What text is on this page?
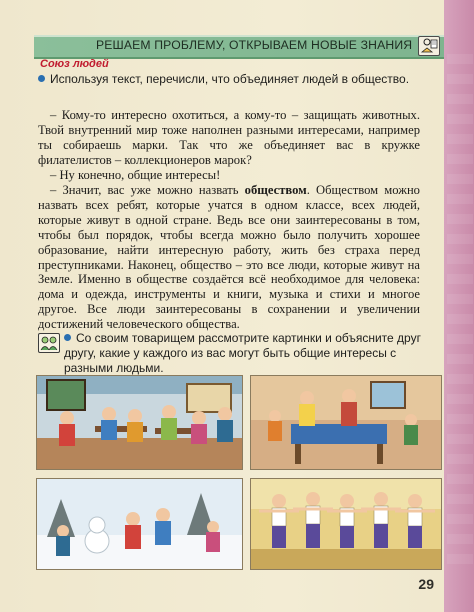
РЕШАЕМ ПРОБЛЕМУ, ОТКРЫВАЕМ НОВЫЕ ЗНАНИЯ
Союз людей
Используя текст, перечисли, что объединяет людей в общество.

– Кому-то интересно охотиться, а кому-то – защищать животных. Твой внутренний мир тоже наполнен разными интересами, например ты собираешь марки. Так что же объединяет вас в кружке филателистов – коллекционеров марок?

– Ну конечно, общие интересы!

– Значит, вас уже можно назвать обществом. Обществом можно назвать всех ребят, которые учатся в одном классе, всех людей, которые живут в одной стране. Ведь все они заинтересованы в том, чтобы был порядок, чтобы всегда можно было получить хорошее образование, найти интересную работу, жить без страха перед преступниками. Наконец, общество – это все люди, которые живут на Земле. Именно в обществе создаётся всё необходимое для человека: дома и одежда, инструменты и книги, музыка и стихи и многое другое. Все люди заинтересованы в сохранении и увеличении достижений человеческого общества.

Со своим товарищем рассмотрите картинки и объясните друг другу, какие у каждого из вас могут быть общие интересы с разными людьми.
29
